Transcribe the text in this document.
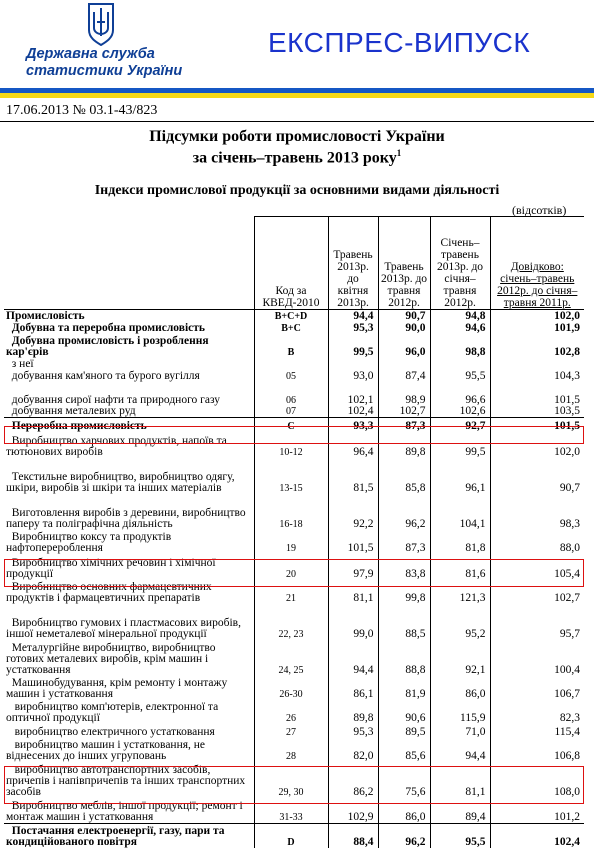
Державна служба
статистики України
ЕКСПРЕС-ВИПУСК
17.06.2013 № 03.1-43/823
Підсумки роботи промисловості України
за січень–травень 2013 року$^1$
Індекси промислової продукції за основними видами діяльності
(відсотків)
	Код за КВЕД-2010	Травень 2013р. до квітня 2013р.	Травень 2013р. до травня 2012р.	Січень–травень 2013р. до січня–травня 2012р.	Довідково: січень–травень 2012р. до січня–травня 2011р.
Промисловість	B+C+D	94,4	90,7	94,8	102,0
Добувна та переробна промисловість	B+C	95,3	90,0	94,6	101,9
Добувна промисловість і розроблення кар'єрів	B	99,5	96,0	98,8	102,8
з неї					
добування кам'яного та бурого вугілля	05	93,0	87,4	95,5	104,3
добування сирої нафти та природного газу	06	102,1	98,9	96,6	101,5
добування металевих руд	07	102,4	102,7	102,6	103,5
Переробна промисловість	C	93,3	87,3	92,7	101,5
Виробництво харчових продуктів, напоїв та тютюнових виробів	10-12	96,4	89,8	99,5	102,0
Текстильне виробництво, виробництво одягу, шкіри, виробів зі шкіри та інших матеріалів	13-15	81,5	85,8	96,1	90,7
Виготовлення виробів з деревини, виробництво паперу та поліграфічна діяльність	16-18	92,2	96,2	104,1	98,3
Виробництво коксу та продуктів нафтоперероблення	19	101,5	87,3	81,8	88,0
Виробництво хімічних речовин і хімічної продукції	20	97,9	83,8	81,6	105,4
Виробництво основних фармацевтичних продуктів і фармацевтичних препаратів	21	81,1	99,8	121,3	102,7
Виробництво гумових і пластмасових виробів, іншої неметалевої мінеральної продукції	22, 23	99,0	88,5	95,2	95,7
Металургійне виробництво, виробництво готових металевих виробів, крім машин і устатковання	24, 25	94,4	88,8	92,1	100,4
Машинобудування, крім ремонту і монтажу машин і устатковання	26-30	86,1	81,9	86,0	106,7
виробництво комп'ютерів, електронної та оптичної продукції	26	89,8	90,6	115,9	82,3
виробництво електричного устатковання	27	95,3	89,5	71,0	115,4
виробництво машин і устатковання, не віднесених до інших угруповань	28	82,0	85,6	94,4	106,8
виробництво автотранспортних засобів, причепів і напівпричепів та інших транспортних засобів	29, 30	86,2	75,6	81,1	108,0
Виробництво меблів, іншої продукції; ремонт і монтаж машин і устатковання	31-33	102,9	86,0	89,4	101,2
Постачання електроенергії, газу, пари та кондиційованого повітря	D	88,4	96,2	95,5	102,4
